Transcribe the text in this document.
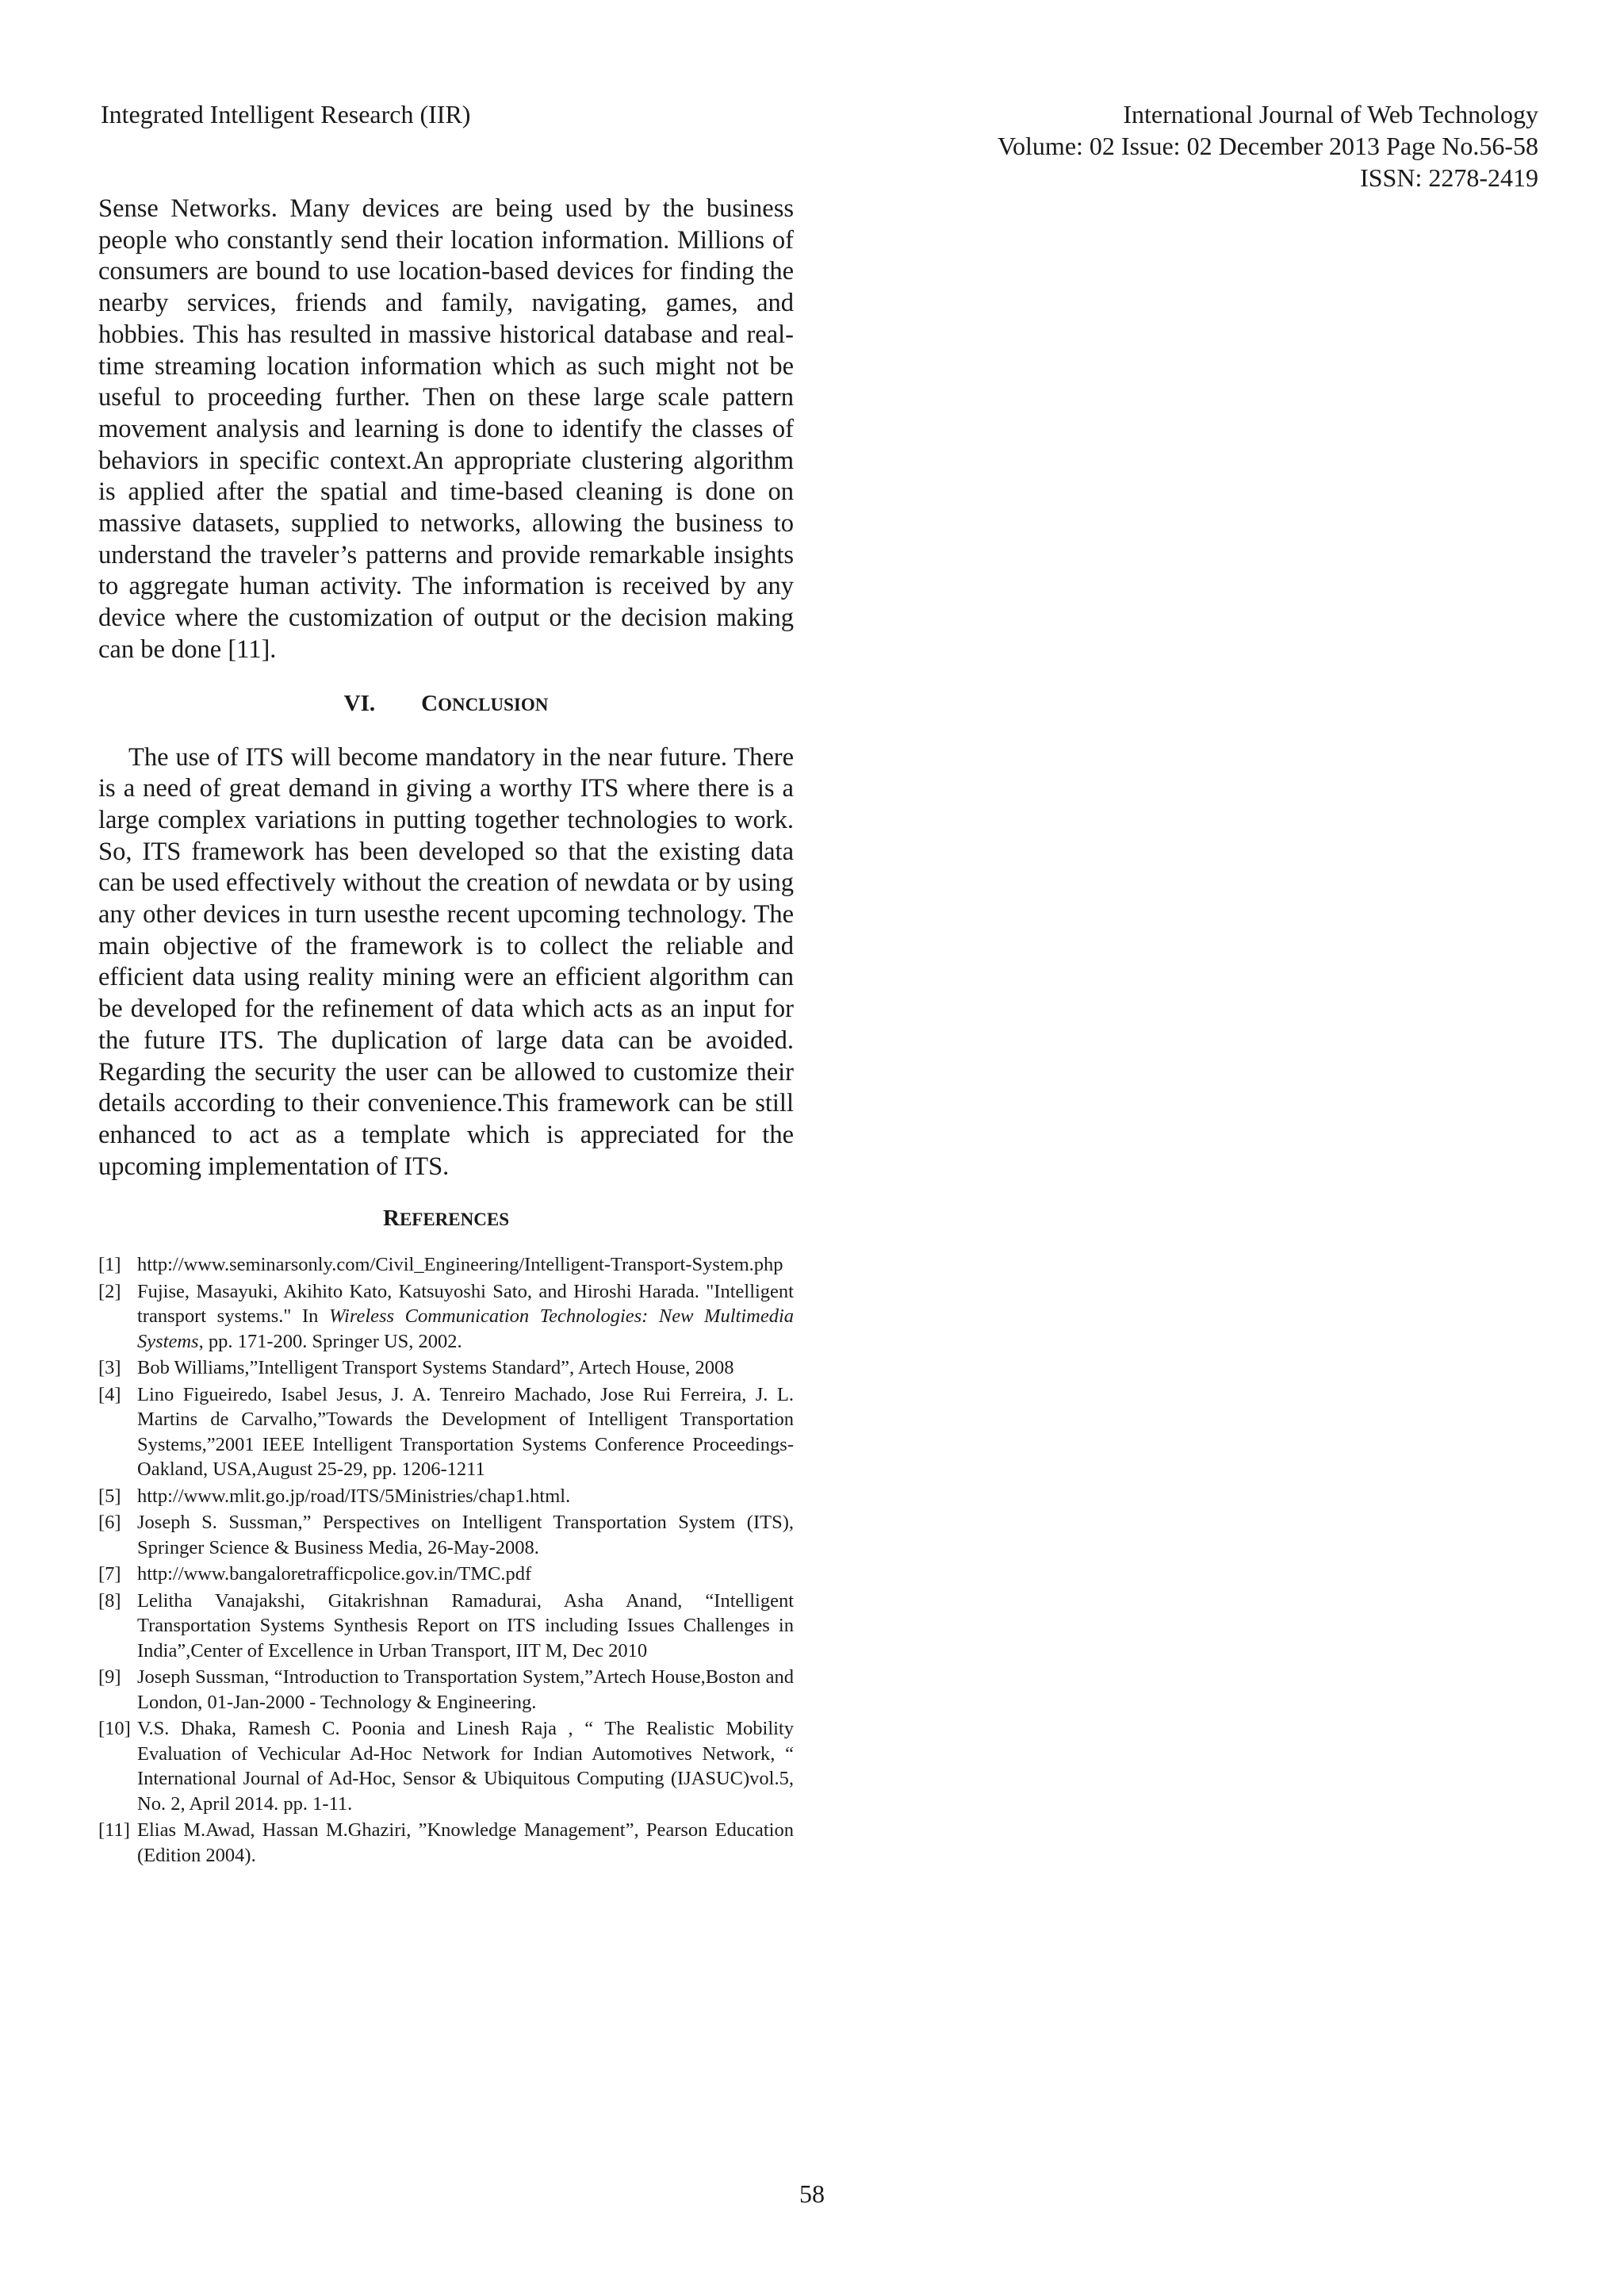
Integrated Intelligent Research (IIR)	International Journal of Web Technology
Volume: 02 Issue: 02 December 2013 Page No.56-58
ISSN: 2278-2419

Sense Networks. Many devices are being used by the business people who constantly send their location information. Millions of consumers are bound to use location-based devices for finding the nearby services, friends and family, navigating, games, and hobbies. This has resulted in massive historical database and real-time streaming location information which as such might not be useful to proceeding further. Then on these large scale pattern movement analysis and learning is done to identify the classes of behaviors in specific context.An appropriate clustering algorithm is applied after the spatial and time-based cleaning is done on massive datasets, supplied to networks, allowing the business to understand the traveler’s patterns and provide remarkable insights to aggregate human activity. The information is received by any device where the customization of output or the decision making can be done [11].

VI. CONCLUSION

The use of ITS will become mandatory in the near future. There is a need of great demand in giving a worthy ITS where there is a large complex variations in putting together technologies to work. So, ITS framework has been developed so that the existing data can be used effectively without the creation of newdata or by using any other devices in turn usesthe recent upcoming technology. The main objective of the framework is to collect the reliable and efficient data using reality mining were an efficient algorithm can be developed for the refinement of data which acts as an input for the future ITS. The duplication of large data can be avoided. Regarding the security the user can be allowed to customize their details according to their convenience.This framework can be still enhanced to act as a template which is appreciated for the upcoming implementation of ITS.

REFERENCES
[1] http://www.seminarsonly.com/Civil_Engineering/Intelligent-Transport-System.php
[2] Fujise, Masayuki, Akihito Kato, Katsuyoshi Sato, and Hiroshi Harada. "Intelligent transport systems." In Wireless Communication Technologies: New Multimedia Systems, pp. 171-200. Springer US, 2002.
[3] Bob Williams,”Intelligent Transport Systems Standard”, Artech House, 2008
[4] Lino Figueiredo, Isabel Jesus, J. A. Tenreiro Machado, Jose Rui Ferreira, J. L. Martins de Carvalho,”Towards the Development of Intelligent Transportation Systems,”2001 IEEE Intelligent Transportation Systems Conference Proceedings- Oakland, USA,August 25-29, pp. 1206-1211
[5] http://www.mlit.go.jp/road/ITS/5Ministries/chap1.html.
[6] Joseph S. Sussman,” Perspectives on Intelligent Transportation System (ITS), Springer Science & Business Media, 26-May-2008.
[7] http://www.bangaloretrafficpolice.gov.in/TMC.pdf
[8] Lelitha Vanajakshi, Gitakrishnan Ramadurai, Asha Anand, “Intelligent Transportation Systems Synthesis Report on ITS including Issues Challenges in India”,Center of Excellence in Urban Transport, IIT M, Dec 2010
[9] Joseph Sussman, “Introduction to Transportation System,”Artech House,Boston and London, 01-Jan-2000 - Technology & Engineering.
[10] V.S. Dhaka, Ramesh C. Poonia and Linesh Raja , “ The Realistic Mobility Evaluation of Vechicular Ad-Hoc Network for Indian Automotives Network, “ International Journal of Ad-Hoc, Sensor & Ubiquitous Computing (IJASUC)vol.5, No. 2, April 2014. pp. 1-11.
[11] Elias M.Awad, Hassan M.Ghaziri, ”Knowledge Management”, Pearson Education (Edition 2004).
58
